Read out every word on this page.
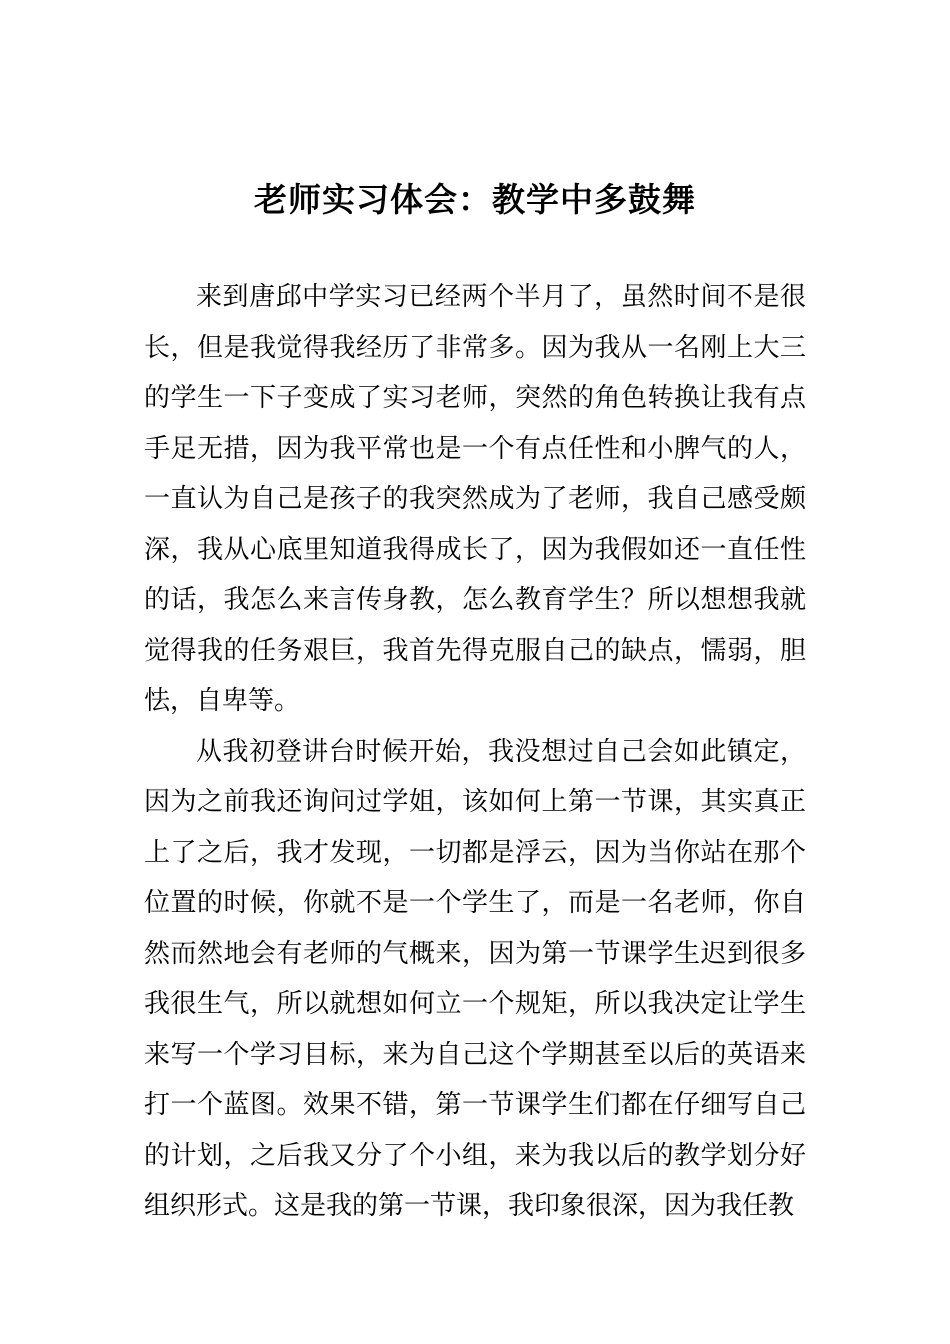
老师实习体会：教学中多鼓舞

来到唐邱中学实习已经两个半月了，虽然时间不是很长，但是我觉得我经历了非常多。因为我从一名刚上大三的学生一下子变成了实习老师，突然的角色转换让我有点手足无措，因为我平常也是一个有点任性和小脾气的人，一直认为自己是孩子的我突然成为了老师，我自己感受颇深，我从心底里知道我得成长了，因为我假如还一直任性的话，我怎么来言传身教，怎么教育学生？所以想想我就觉得我的任务艰巨，我首先得克服自己的缺点，懦弱，胆怯，自卑等。

从我初登讲台时候开始，我没想过自己会如此镇定，因为之前我还询问过学姐，该如何上第一节课，其实真正上了之后，我才发现，一切都是浮云，因为当你站在那个位置的时候，你就不是一个学生了，而是一名老师，你自然而然地会有老师的气概来，因为第一节课学生迟到很多我很生气，所以就想如何立一个规矩，所以我决定让学生来写一个学习目标，来为自己这个学期甚至以后的英语来打一个蓝图。效果不错，第一节课学生们都在仔细写自己的计划，之后我又分了个小组，来为我以后的教学划分好组织形式。这是我的第一节课，我印象很深，因为我任教
